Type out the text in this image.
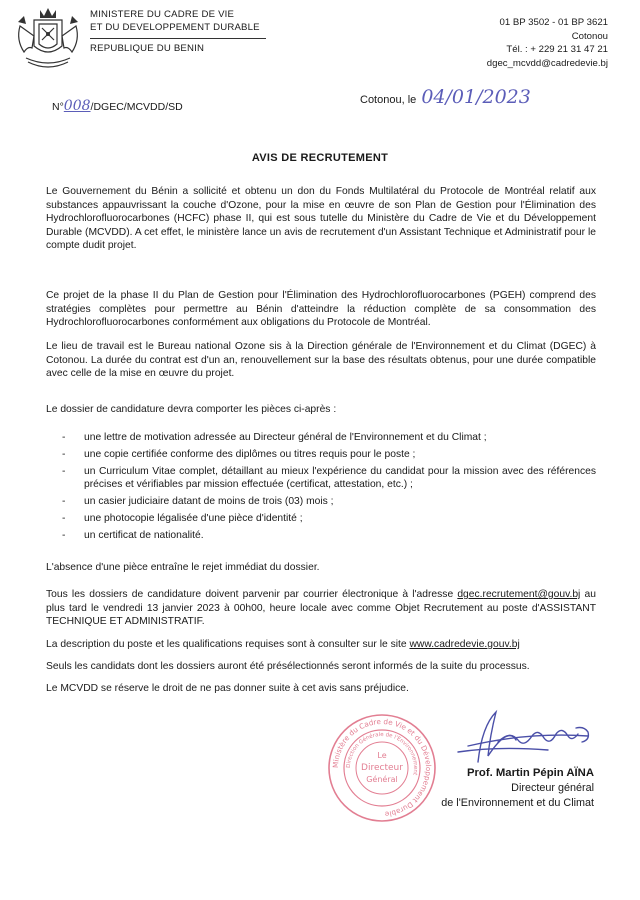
MINISTERE DU CADRE DE VIE
ET DU DEVELOPPEMENT DURABLE
REPUBLIQUE DU BENIN
01 BP 3502 - 01 BP 3621
Cotonou
Tél. : + 229 21 31 47 21
dgec_mcvdd@cadredevie.bj
Cotonou, le 04/01/2023
N°008/DGEC/MCVDD/SD
AVIS DE RECRUTEMENT
Le Gouvernement du Bénin a sollicité et obtenu un don du Fonds Multilatéral du Protocole de Montréal relatif aux substances appauvrissant la couche d'Ozone, pour la mise en œuvre de son Plan de Gestion pour l'Élimination des Hydrochlorofluorocarbones (HCFC) phase II, qui est sous tutelle du Ministère du Cadre de Vie et du Développement Durable (MCVDD). A cet effet, le ministère lance un avis de recrutement d'un Assistant Technique et Administratif pour le compte dudit projet.
Ce projet de la phase II du Plan de Gestion pour l'Élimination des Hydrochlorofluorocarbones (PGEH) comprend des stratégies complètes pour permettre au Bénin d'atteindre la réduction complète de sa consommation des Hydrochlorofluorocarbones conformément aux obligations du Protocole de Montréal.
Le lieu de travail est le Bureau national Ozone sis à la Direction générale de l'Environnement et du Climat (DGEC) à Cotonou. La durée du contrat est d'un an, renouvellement sur la base des résultats obtenus, pour une durée compatible avec celle de la mise en œuvre du projet.
Le dossier de candidature devra comporter les pièces ci-après :
- une lettre de motivation adressée au Directeur général de l'Environnement et du Climat ;
- une copie certifiée conforme des diplômes ou titres requis pour le poste ;
- un Curriculum Vitae complet, détaillant au mieux l'expérience du candidat pour la mission avec des références précises et vérifiables par mission effectuée (certificat, attestation, etc.) ;
- un casier judiciaire datant de moins de trois (03) mois ;
- une photocopie légalisée d'une pièce d'identité ;
- un certificat de nationalité.
L'absence d'une pièce entraîne le rejet immédiat du dossier.
Tous les dossiers de candidature doivent parvenir par courrier électronique à l'adresse dgec.recrutement@gouv.bj au plus tard le vendredi 13 janvier 2023 à 00h00, heure locale avec comme Objet Recrutement au poste d'ASSISTANT TECHNIQUE ET ADMINISTRATIF.
La description du poste et les qualifications requises sont à consulter sur le site www.cadredevie.gouv.bj
Seuls les candidats dont les dossiers auront été présélectionnés seront informés de la suite du processus.
Le MCVDD se réserve le droit de ne pas donner suite à cet avis sans préjudice.
Ministère du Cadre de Vie et du Développement Durable
Direction Générale de l'Environnement
Le
Directeur
Général
Prof. Martin Pépin AÏNA
Directeur général
de l'Environnement et du Climat
